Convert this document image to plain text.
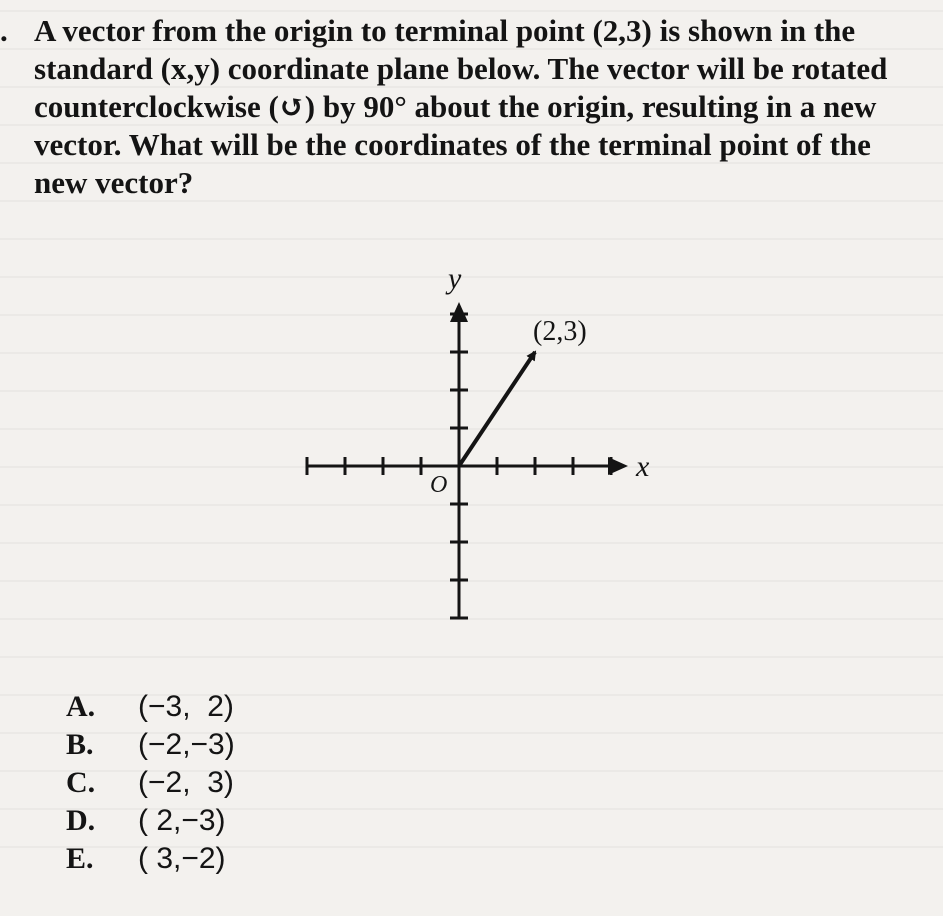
. A vector from the origin to terminal point (2,3) is shown in the standard (x,y) coordinate plane below. The vector will be rotated counterclockwise (↺) by 90° about the origin, resulting in a new vector. What will be the coordinates of the terminal point of the new vector?
x
y
O
(2,3)

A. (−3,  2)

B. (−2,−3)

C. (−2,  3)

D. ( 2,−3)

E. ( 3,−2)
